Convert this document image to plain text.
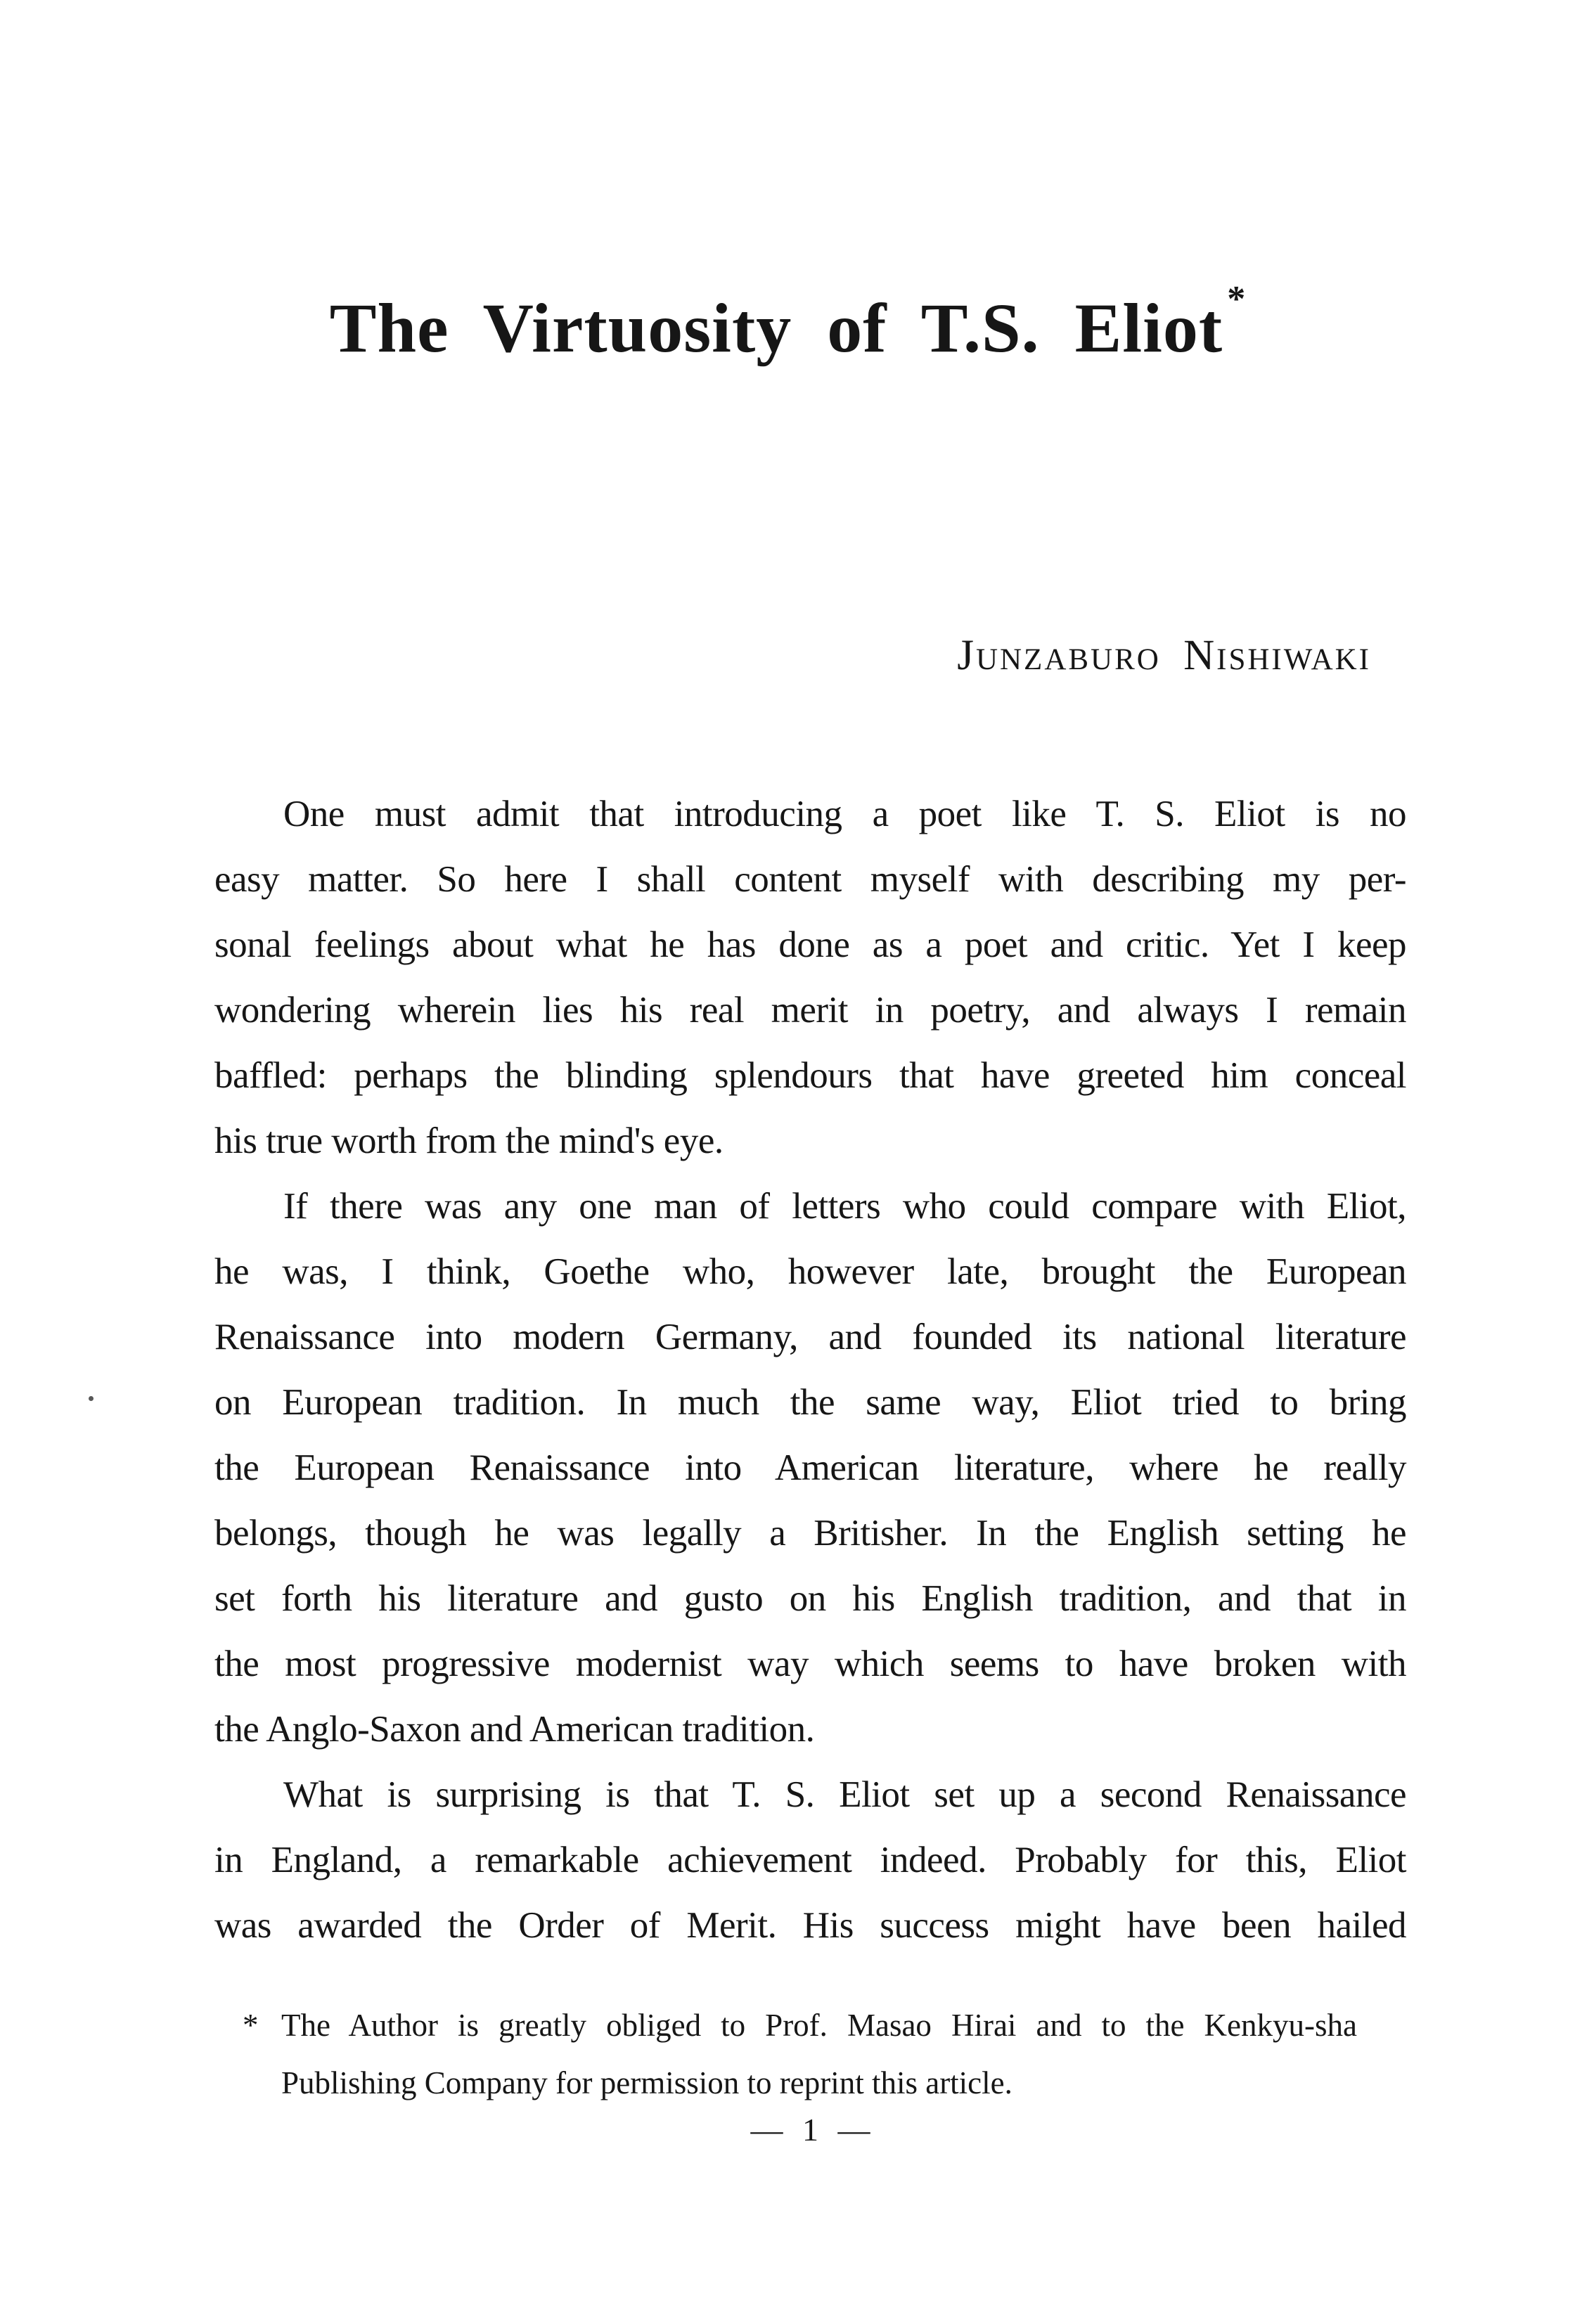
The Virtuosity of T.S. Eliot *
Junzaburo Nishiwaki
One must admit that introducing a poet like T. S. Eliot is no
easy matter. So here I shall content myself with describing my per-
sonal feelings about what he has done as a poet and critic. Yet I keep
wondering wherein lies his real merit in poetry, and always I remain
baffled: perhaps the blinding splendours that have greeted him conceal
his true worth from the mind's eye.
If there was any one man of letters who could compare with Eliot,
he was, I think, Goethe who, however late, brought the European
Renaissance into modern Germany, and founded its national literature
on European tradition. In much the same way, Eliot tried to bring
the European Renaissance into American literature, where he really
belongs, though he was legally a Britisher. In the English setting he
set forth his literature and gusto on his English tradition, and that in
the most progressive modernist way which seems to have broken with
the Anglo-Saxon and American tradition.
What is surprising is that T. S. Eliot set up a second Renaissance
in England, a remarkable achievement indeed. Probably for this, Eliot
was awarded the Order of Merit. His success might have been hailed
* The Author is greatly obliged to Prof. Masao Hirai and to the Kenkyu-sha
Publishing Company for permission to reprint this article.
— 1 —
